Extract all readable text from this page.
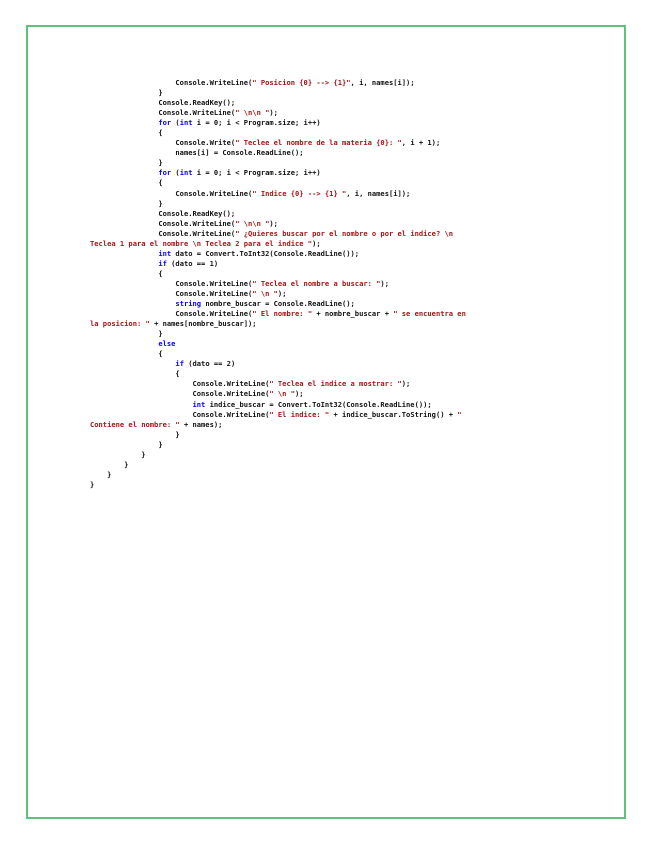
Console.WriteLine(" Posicion {0} --> {1}", i, names[i]);
}
Console.ReadKey();
Console.WriteLine(" \n\n ");
for (int i = 0; i < Program.size; i++)
{
Console.Write(" Teclee el nombre de la materia {0}: ", i + 1);
names[i] = Console.ReadLine();
}
for (int i = 0; i < Program.size; i++)
{
Console.WriteLine(" Indice {0} --> {1} ", i, names[i]);
}
Console.ReadKey();
Console.WriteLine(" \n\n ");
Console.WriteLine(" ¿Quieres buscar por el nombre o por el indice? \n
Teclea 1 para el nombre \n Teclea 2 para el indice ");
int dato = Convert.ToInt32(Console.ReadLine());
if (dato == 1)
{
Console.WriteLine(" Teclea el nombre a buscar: ");
Console.WriteLine(" \n ");
string nombre_buscar = Console.ReadLine();
Console.WriteLine(" El nombre: " + nombre_buscar + " se encuentra en
la posicion: " + names[nombre_buscar]);
}
else
{
if (dato == 2)
{
Console.WriteLine(" Teclea el indice a mostrar: ");
Console.WriteLine(" \n ");
int indice_buscar = Convert.ToInt32(Console.ReadLine());
Console.WriteLine(" El indice: " + indice_buscar.ToString() + "
Contiene el nombre: " + names);
}
}
}
}
}
}
